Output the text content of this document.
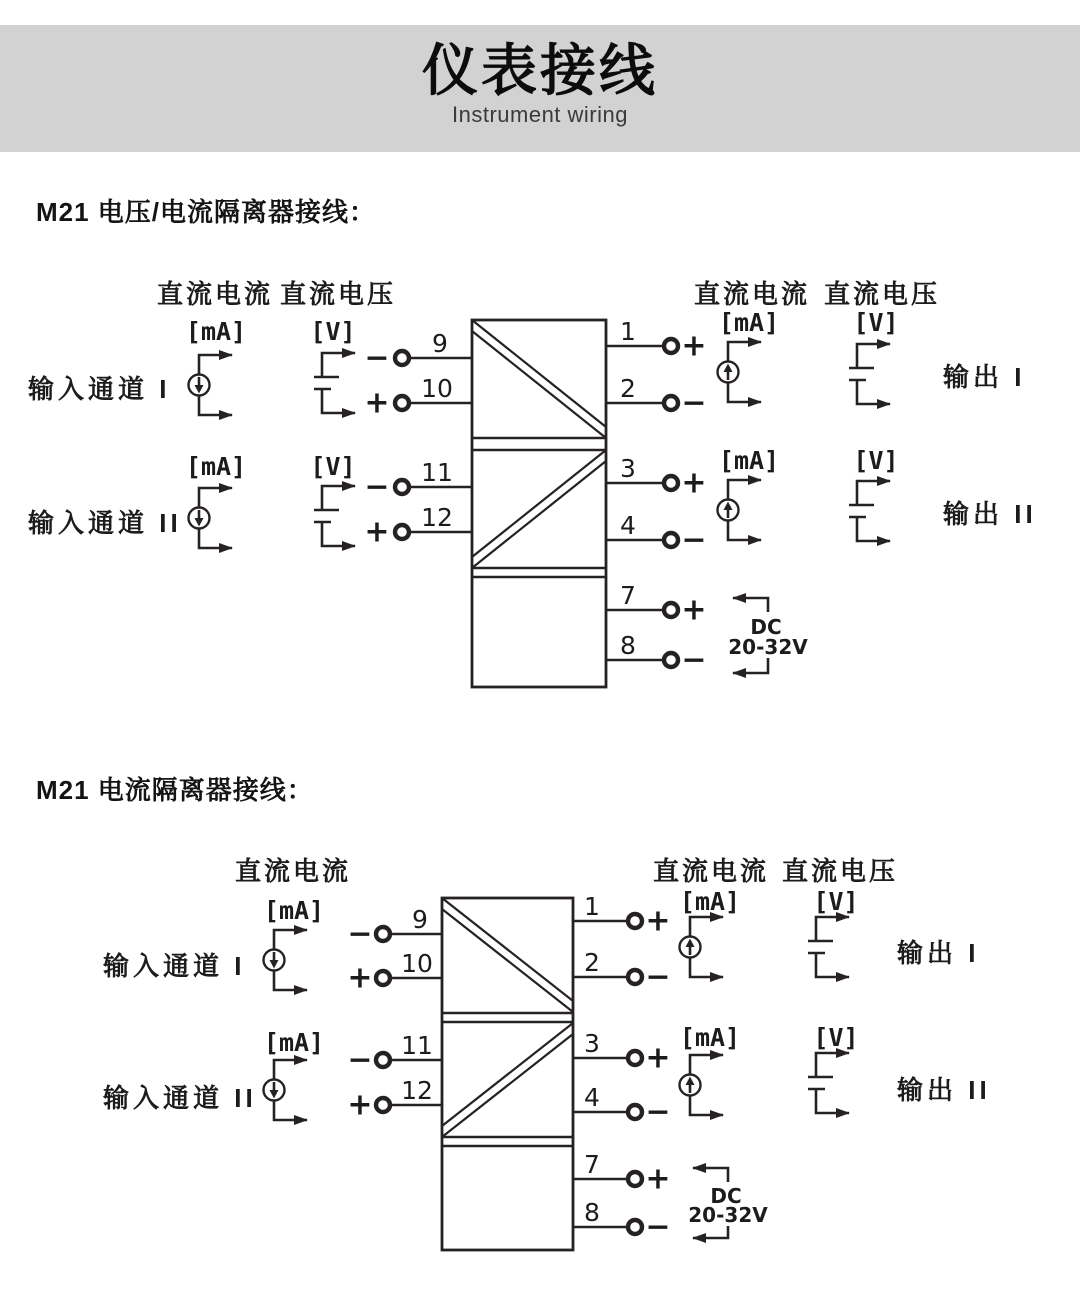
仪表接线
Instrument wiring
M21 电压/电流隔离器接线：
M21 电流隔离器接线：
直流电流 直流电压	直流电流 直流电压
输入通道 I
输入通道 II
[mA]	[V]
[mA]	[V]
[mA]	[V]
[mA]	[V]
输出 I
输出 II
9
−
10
+
11
−
12
+
1 +
2 −
3 +
4 −
7 +
8 −
DC
20-32V
直流电流	直流电流 直流电压
输入通道 I
输入通道 II
[mA]
[mA]
[mA]	[V]
[mA]	[V]
输出 I
输出 II
9
−
10
+
11
−
12
+
1 +
2 −
3 +
4 −
7 +
8 −
DC
20-32V
